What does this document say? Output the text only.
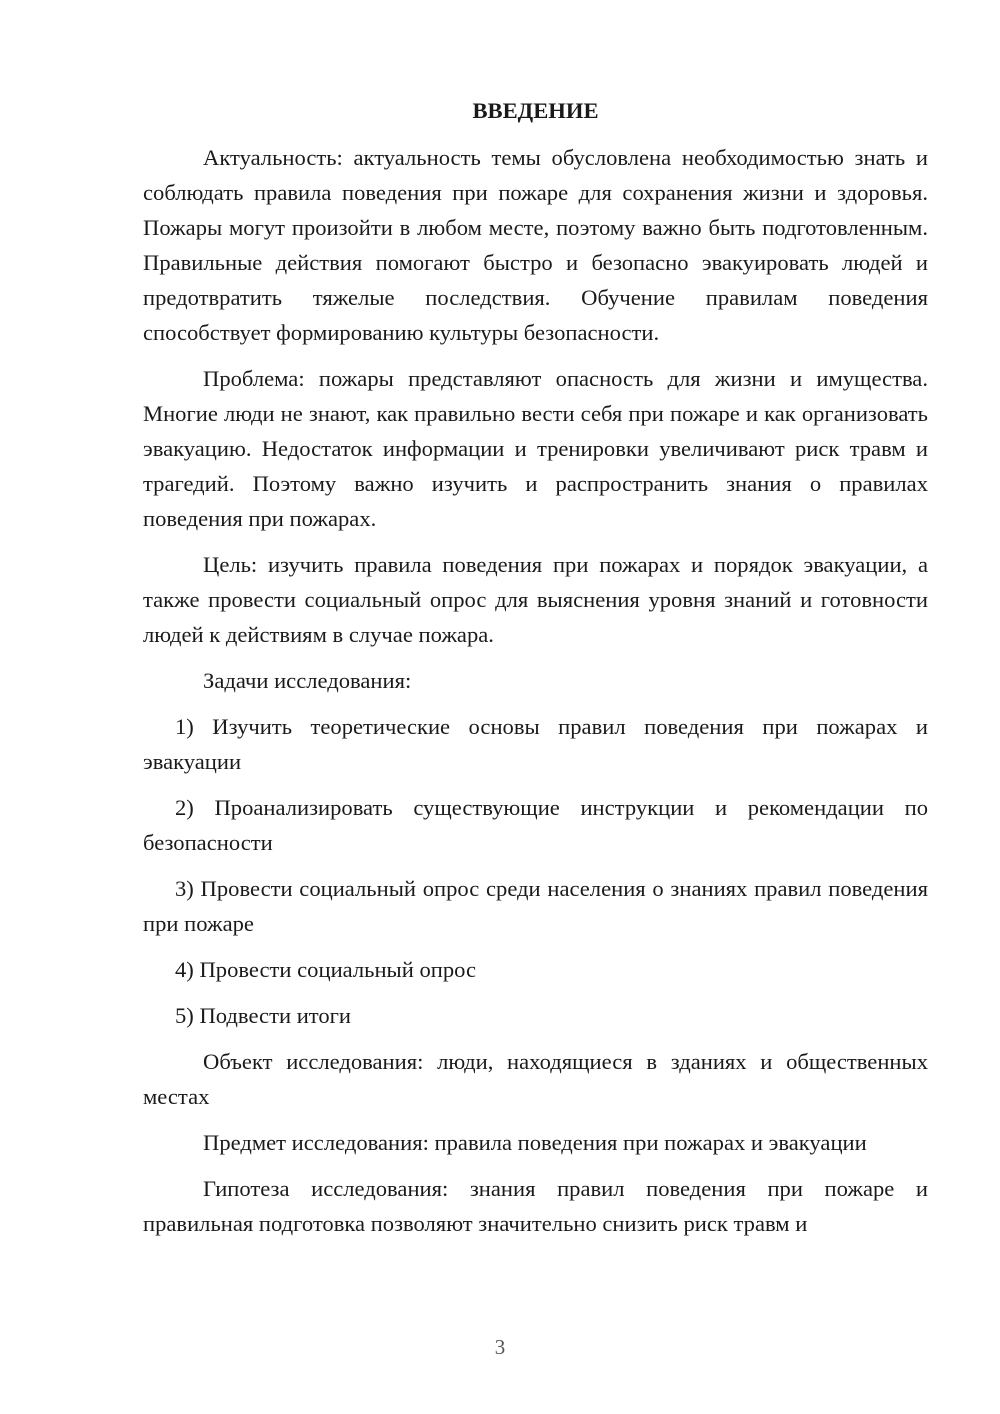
ВВЕДЕНИЕ

Актуальность: актуальность темы обусловлена необходимостью знать и соблюдать правила поведения при пожаре для сохранения жизни и здоровья. Пожары могут произойти в любом месте, поэтому важно быть подготовленным. Правильные действия помогают быстро и безопасно эвакуировать людей и предотвратить тяжелые последствия. Обучение правилам поведения способствует формированию культуры безопасности.

Проблема: пожары представляют опасность для жизни и имущества. Многие люди не знают, как правильно вести себя при пожаре и как организовать эвакуацию. Недостаток информации и тренировки увеличивают риск травм и трагедий. Поэтому важно изучить и распространить знания о правилах поведения при пожарах.

Цель: изучить правила поведения при пожарах и порядок эвакуации, а также провести социальный опрос для выяснения уровня знаний и готовности людей к действиям в случае пожара.

Задачи исследования:

1) Изучить теоретические основы правил поведения при пожарах и эвакуации

2) Проанализировать существующие инструкции и рекомендации по безопасности

3) Провести социальный опрос среди населения о знаниях правил поведения при пожаре

4) Провести социальный опрос

5) Подвести итоги

Объект исследования: люди, находящиеся в зданиях и общественных местах

Предмет исследования: правила поведения при пожарах и эвакуации

Гипотеза исследования: знания правил поведения при пожаре и правильная подготовка позволяют значительно снизить риск травм и

3
